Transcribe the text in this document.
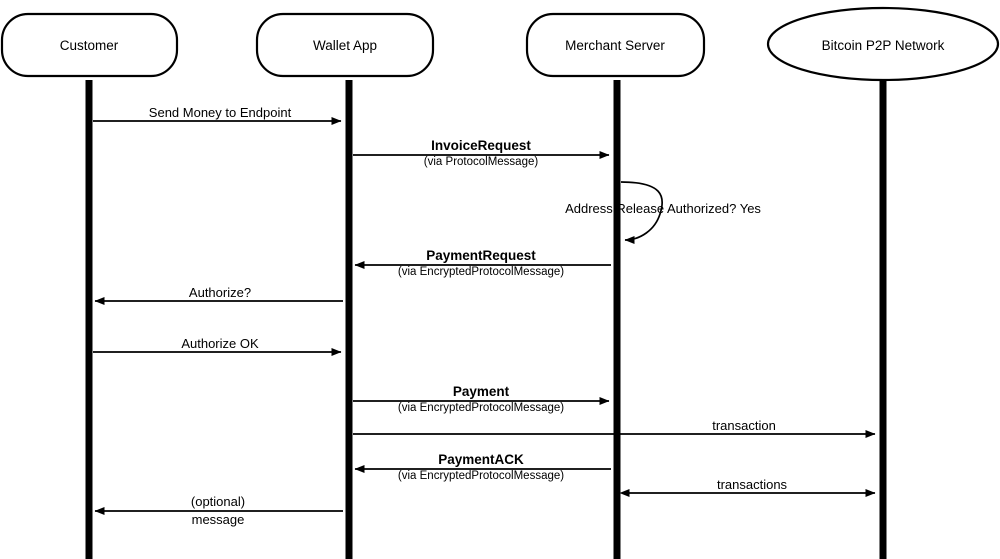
Customer	Wallet App	Merchant Server	Bitcoin P2P Network
Send Money to Endpoint
InvoiceRequest
(via ProtocolMessage)
Address Release Authorized? Yes
PaymentRequest
(via EncryptedProtocolMessage)
Authorize?
Authorize OK
Payment
(via EncryptedProtocolMessage)
transaction
PaymentACK
(via EncryptedProtocolMessage)
transactions
(optional)
message
